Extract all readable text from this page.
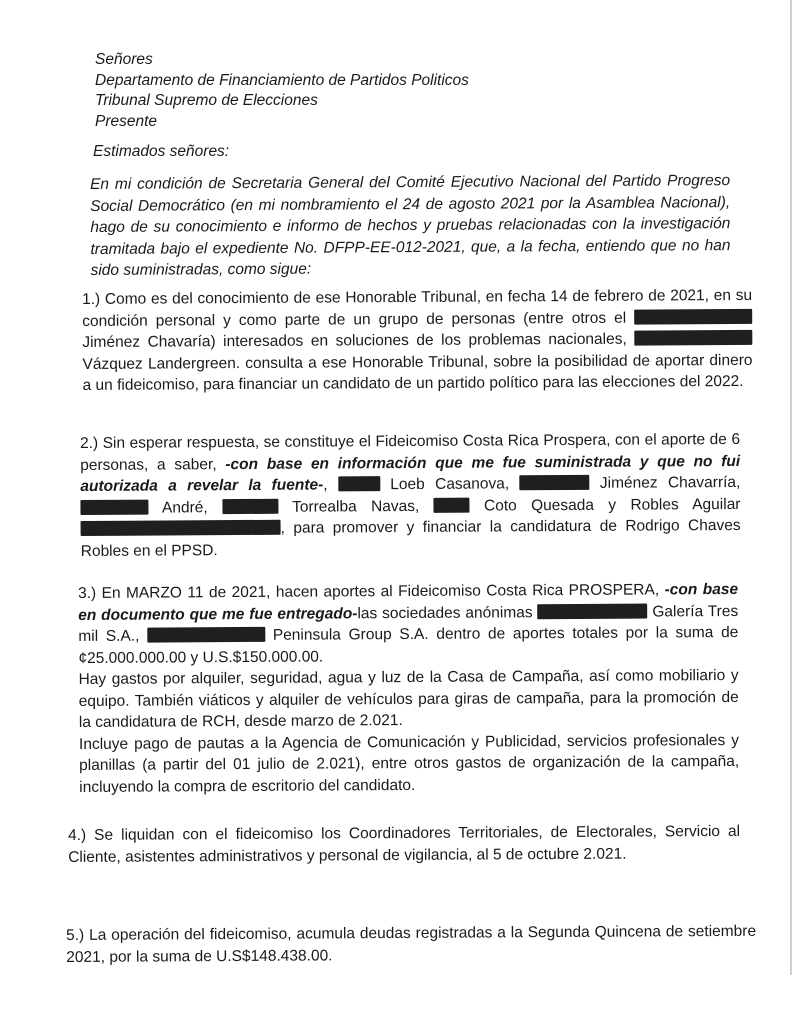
Señores
Departamento de Financiamiento de Partidos Politicos
Tribunal Supremo de Elecciones
Presente
Estimados señores:
En mi condición de Secretaria General del Comité Ejecutivo Nacional del Partido Progreso Social Democrático (en mi nombramiento el 24 de agosto 2021 por la Asamblea Nacional), hago de su conocimiento e informo de hechos y pruebas relacionadas con la investigación tramitada bajo el expediente No. DFPP-EE-012-2021, que, a la fecha, entiendo que no han sido suministradas, como sigue:
1.) Como es del conocimiento de ese Honorable Tribunal, en fecha 14 de febrero de 2021, en su condición personal y como parte de un grupo de personas (entre otros el  Jiménez Chavaría) interesados en soluciones de los problemas nacionales,  Vázquez Landergreen. consulta a ese Honorable Tribunal, sobre la posibilidad de aportar dinero a un fideicomiso, para financiar un candidato de un partido político para las elecciones del 2022.
2.) Sin esperar respuesta, se constituye el Fideicomiso Costa Rica Prospera, con el aporte de 6 personas, a saber, -con base en información que me fue suministrada y que no fui autorizada a revelar la fuente-,	Loeb Casanova,	Jiménez Chavarría,  André,	Torrealba Navas,	Coto Quesada y Robles Aguilar , para promover y financiar la candidatura de Rodrigo Chaves Robles en el PPSD.
3.) En MARZO 11 de 2021, hacen aportes al Fideicomiso Costa Rica PROSPERA, -con base en documento que me fue entregado-las sociedades anónimas	Galería Tres mil S.A.,	Peninsula Group S.A. dentro de aportes totales por la suma de ¢25.000.000.00 y U.S.$150.000.00.
Hay gastos por alquiler, seguridad, agua y luz de la Casa de Campaña, así como mobiliario y equipo. También viáticos y alquiler de vehículos para giras de campaña, para la promoción de la candidatura de RCH, desde marzo de 2.021.
Incluye pago de pautas a la Agencia de Comunicación y Publicidad, servicios profesionales y planillas (a partir del 01 julio de 2.021), entre otros gastos de organización de la campaña, incluyendo la compra de escritorio del candidato.
4.) Se liquidan con el fideicomiso los Coordinadores Territoriales, de Electorales, Servicio al Cliente, asistentes administrativos y personal de vigilancia, al 5 de octubre 2.021.
5.) La operación del fideicomiso, acumula deudas registradas a la Segunda Quincena de setiembre 2021, por la suma de U.S$148.438.00.
